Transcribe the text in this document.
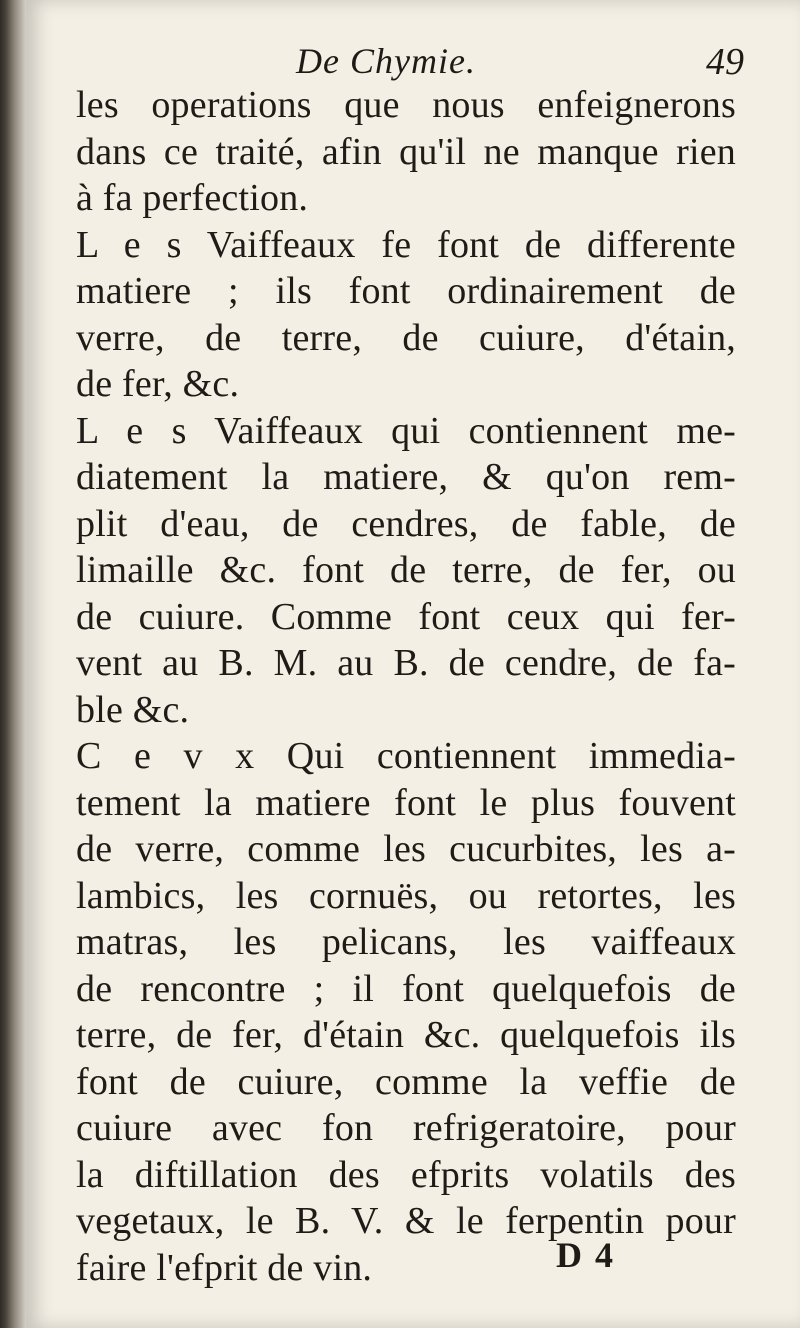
De Chymie.	49
les operations que nous enfeignerons
dans ce traité, afin qu'il ne manque rien
à fa perfection.
L e s Vaiffeaux fe font de differente
matiere ; ils font ordinairement de
verre, de terre, de cuiure, d'étain,
de fer, &c.
L e s Vaiffeaux qui contiennent me-
diatement la matiere, & qu'on rem-
plit d'eau, de cendres, de fable, de
limaille &c. font de terre, de fer, ou
de cuiure. Comme font ceux qui fer-
vent au B. M. au B. de cendre, de fa-
ble &c.
C e v x Qui contiennent immedia-
tement la matiere font le plus fouvent
de verre, comme les cucurbites, les a-
lambics, les cornuës, ou retortes, les
matras, les pelicans, les vaiffeaux
de rencontre ; il font quelquefois de
terre, de fer, d'étain &c. quelquefois ils
font de cuiure, comme la veffie de
cuiure avec fon refrigeratoire, pour
la diftillation des efprits volatils des
vegetaux, le B. V. & le ferpentin pour
faire l'efprit de vin.	D 4
